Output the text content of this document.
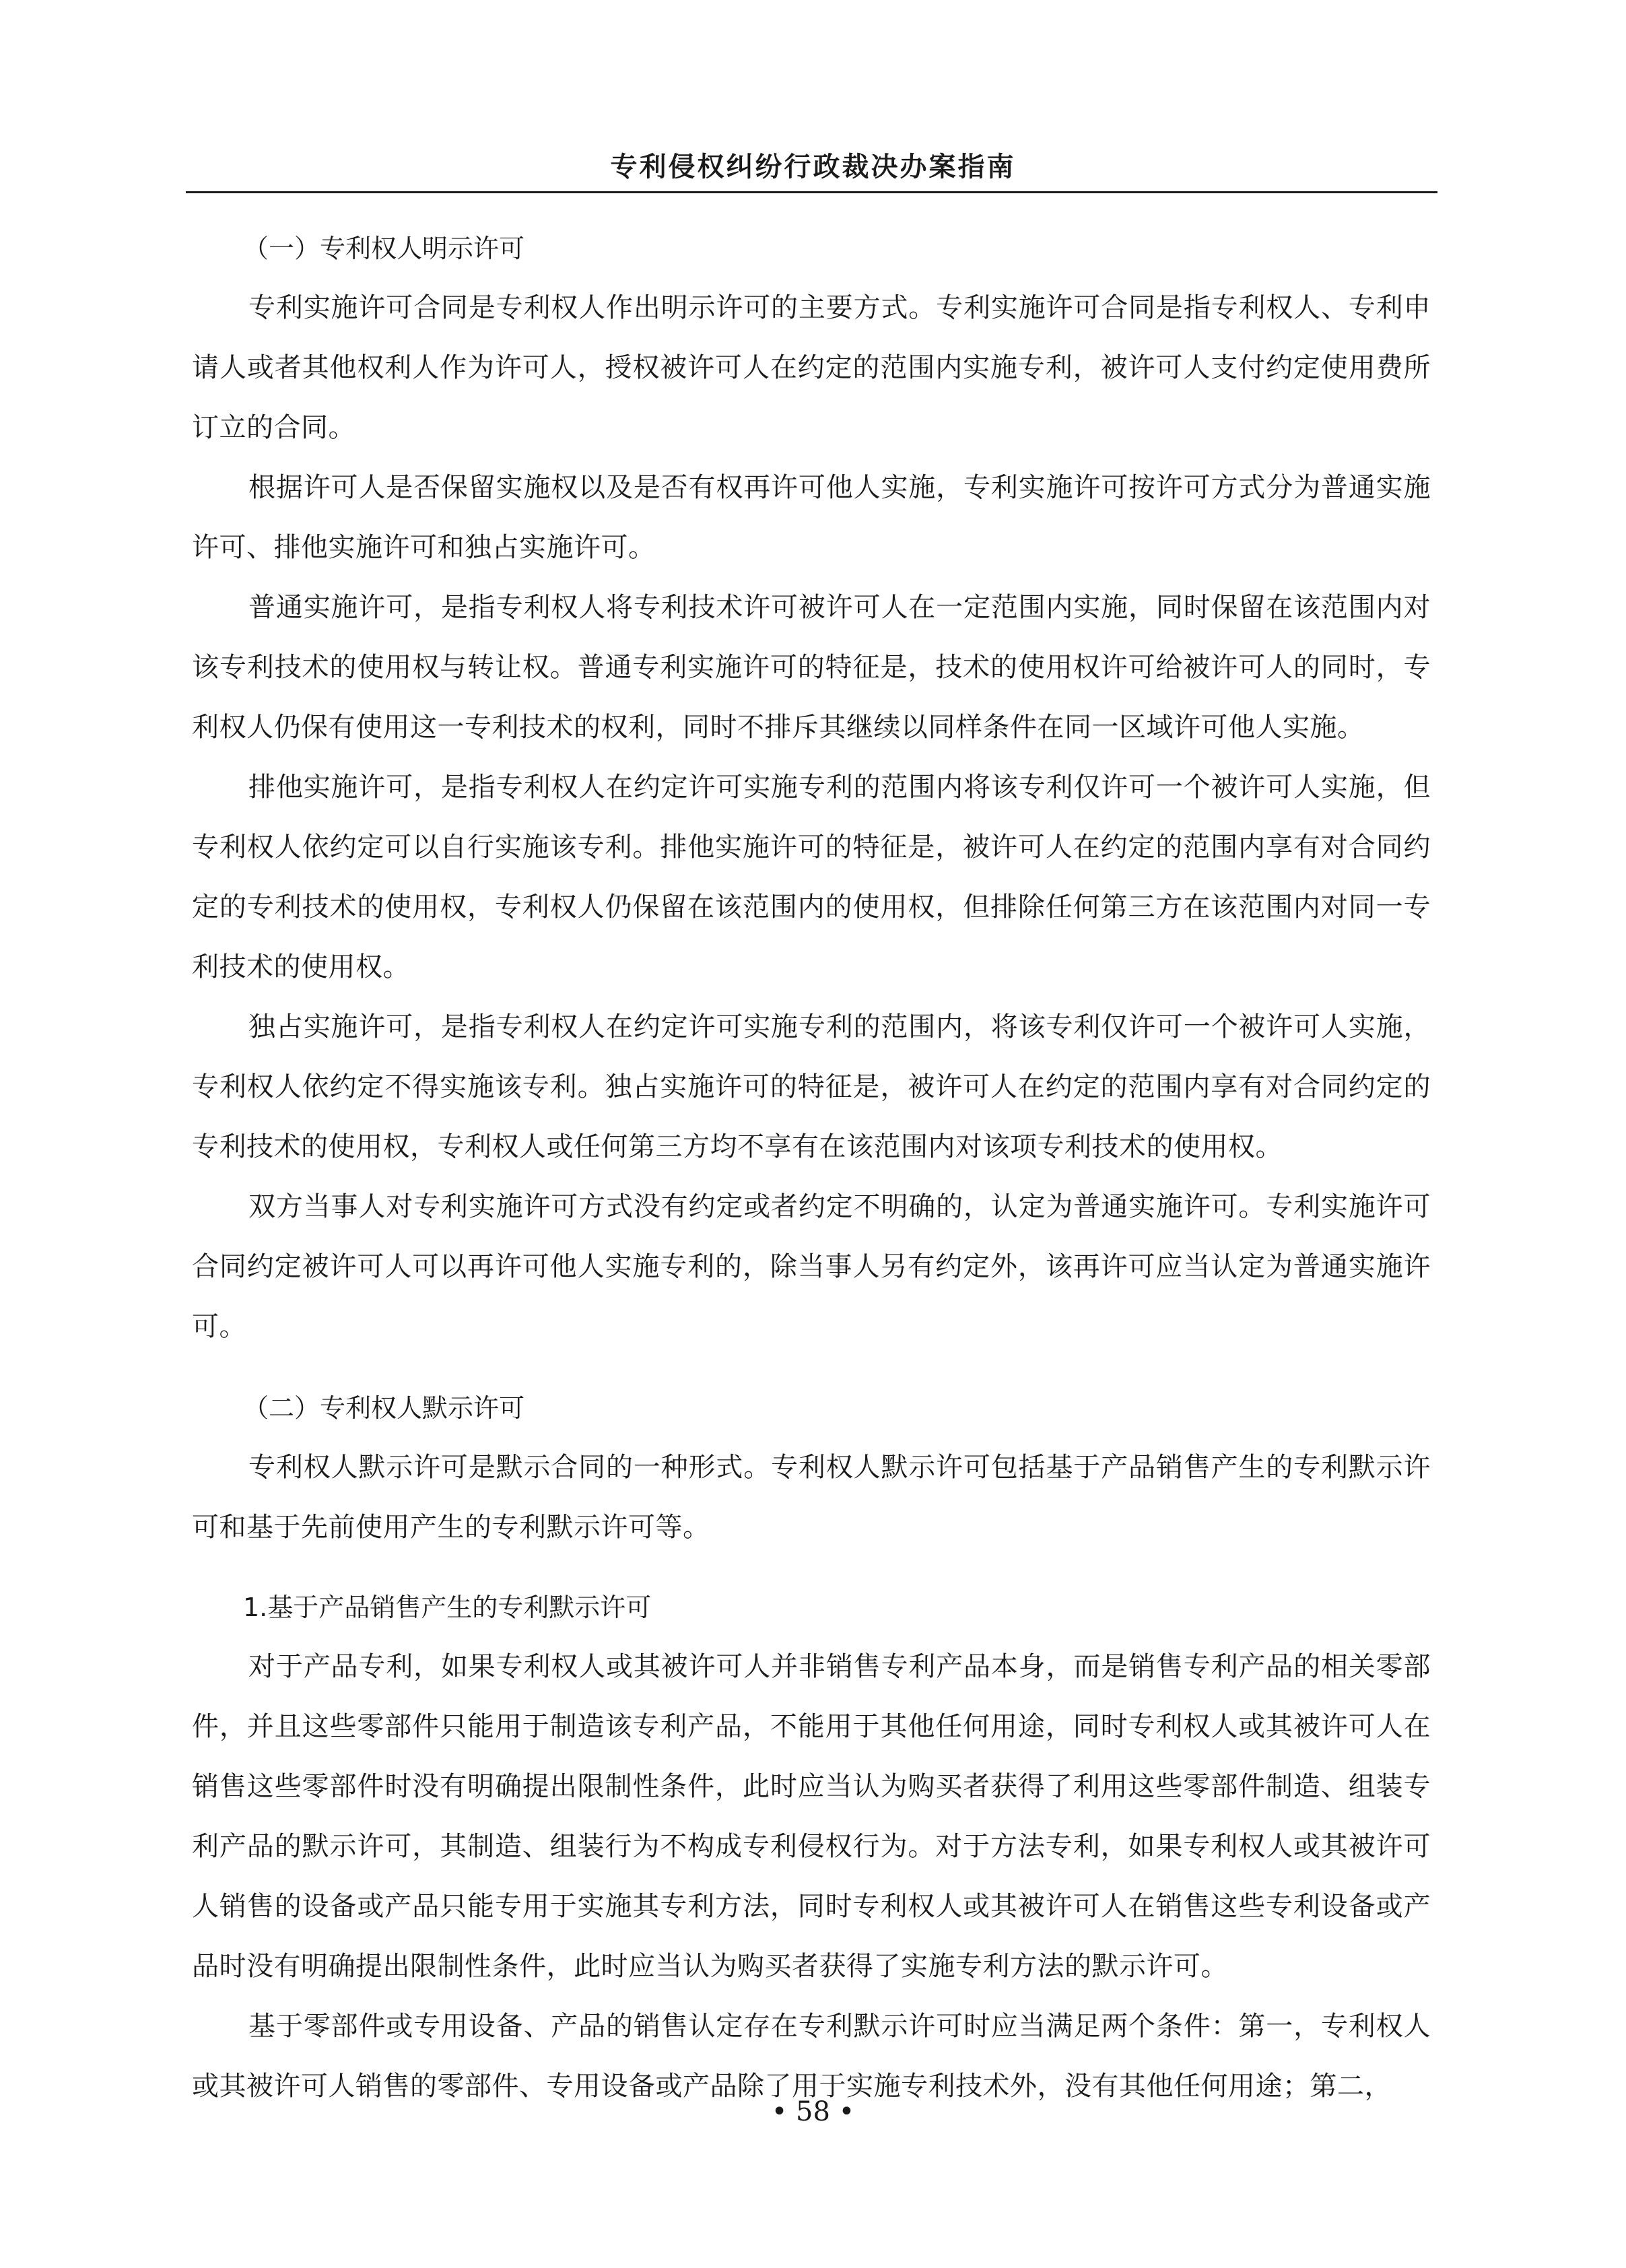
专利侵权纠纷行政裁决办案指南
（一）专利权人明示许可

专利实施许可合同是专利权人作出明示许可的主要方式。专利实施许可合同是指专利权人、专利申请人或者其他权利人作为许可人，授权被许可人在约定的范围内实施专利，被许可人支付约定使用费所订立的合同。

根据许可人是否保留实施权以及是否有权再许可他人实施，专利实施许可按许可方式分为普通实施许可、排他实施许可和独占实施许可。

普通实施许可，是指专利权人将专利技术许可被许可人在一定范围内实施，同时保留在该范围内对该专利技术的使用权与转让权。普通专利实施许可的特征是，技术的使用权许可给被许可人的同时，专利权人仍保有使用这一专利技术的权利，同时不排斥其继续以同样条件在同一区域许可他人实施。

排他实施许可，是指专利权人在约定许可实施专利的范围内将该专利仅许可一个被许可人实施，但专利权人依约定可以自行实施该专利。排他实施许可的特征是，被许可人在约定的范围内享有对合同约定的专利技术的使用权，专利权人仍保留在该范围内的使用权，但排除任何第三方在该范围内对同一专利技术的使用权。

独占实施许可，是指专利权人在约定许可实施专利的范围内，将该专利仅许可一个被许可人实施，专利权人依约定不得实施该专利。独占实施许可的特征是，被许可人在约定的范围内享有对合同约定的专利技术的使用权，专利权人或任何第三方均不享有在该范围内对该项专利技术的使用权。

双方当事人对专利实施许可方式没有约定或者约定不明确的，认定为普通实施许可。专利实施许可合同约定被许可人可以再许可他人实施专利的，除当事人另有约定外，该再许可应当认定为普通实施许可。

（二）专利权人默示许可

专利权人默示许可是默示合同的一种形式。专利权人默示许可包括基于产品销售产生的专利默示许可和基于先前使用产生的专利默示许可等。

1.基于产品销售产生的专利默示许可

对于产品专利，如果专利权人或其被许可人并非销售专利产品本身，而是销售专利产品的相关零部件，并且这些零部件只能用于制造该专利产品，不能用于其他任何用途，同时专利权人或其被许可人在销售这些零部件时没有明确提出限制性条件，此时应当认为购买者获得了利用这些零部件制造、组装专利产品的默示许可，其制造、组装行为不构成专利侵权行为。对于方法专利，如果专利权人或其被许可人销售的设备或产品只能专用于实施其专利方法，同时专利权人或其被许可人在销售这些专利设备或产品时没有明确提出限制性条件，此时应当认为购买者获得了实施专利方法的默示许可。

基于零部件或专用设备、产品的销售认定存在专利默示许可时应当满足两个条件：第一，专利权人或其被许可人销售的零部件、专用设备或产品除了用于实施专利技术外，没有其他任何用途；第二，

• 58 •
